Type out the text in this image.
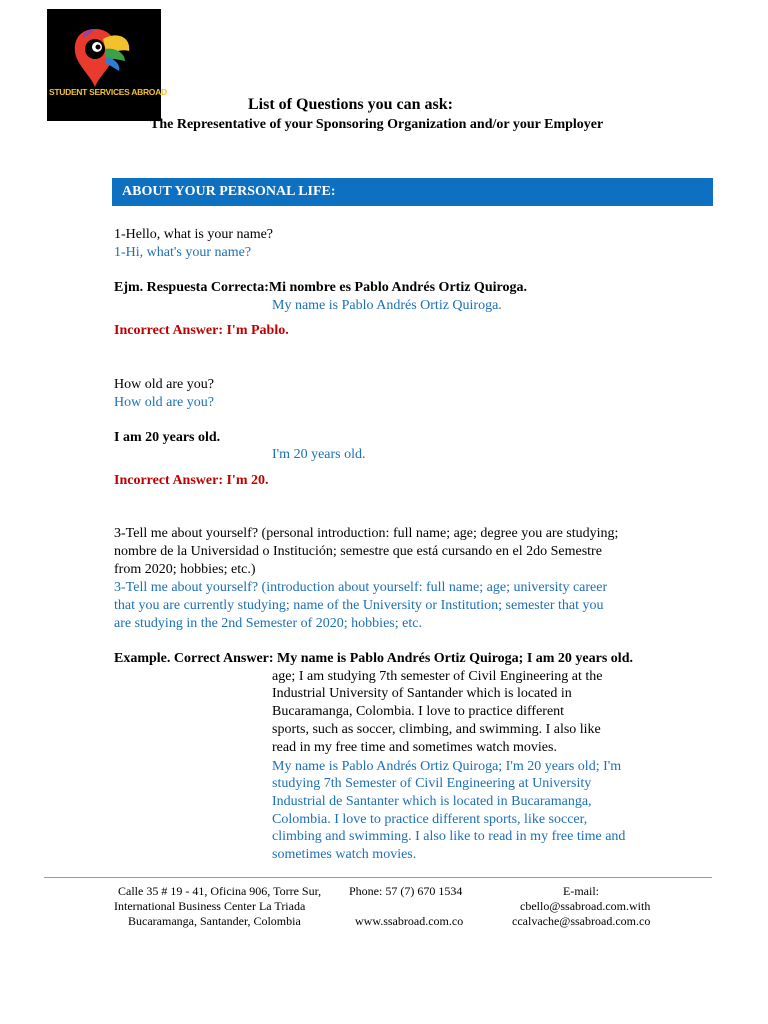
STUDENT SERVICES ABROAD
List of Questions you can ask:
The Representative of your Sponsoring Organization and/or your Employer
ABOUT YOUR PERSONAL LIFE:
1-Hello, what is your name?
1-Hi, what's your name?
Ejm. Respuesta Correcta:Mi nombre es Pablo Andrés Ortiz Quiroga.
My name is Pablo Andrés Ortiz Quiroga.
Incorrect Answer: I'm Pablo.
How old are you?
How old are you?
I am 20 years old.
I'm 20 years old.
Incorrect Answer: I'm 20.
3-Tell me about yourself? (personal introduction: full name; age; degree you are studying;
nombre de la Universidad o Institución; semestre que está cursando en el 2do Semestre
from 2020; hobbies; etc.)
3-Tell me about yourself? (introduction about yourself: full name; age; university career
that you are currently studying; name of the University or Institution; semester that you
are studying in the 2nd Semester of 2020; hobbies; etc.
Example. Correct Answer: My name is Pablo Andrés Ortiz Quiroga; I am 20 years old.
age; I am studying 7th semester of Civil Engineering at the
Industrial University of Santander which is located in
Bucaramanga, Colombia. I love to practice different
sports, such as soccer, climbing, and swimming. I also like
read in my free time and sometimes watch movies.
My name is Pablo Andrés Ortiz Quiroga; I'm 20 years old; I'm
studying 7th Semester of Civil Engineering at University
Industrial de Santanter which is located in Bucaramanga,
Colombia. I love to practice different sports, like soccer,
climbing and swimming. I also like to read in my free time and
sometimes watch movies.
Calle 35 # 19 - 41, Oficina 906, Torre Sur,
International Business Center La Triada
Bucaramanga, Santander, Colombia
Phone: 57 (7) 670 1534
www.ssabroad.com.co
E-mail:
cbello@ssabroad.com.with
ccalvache@ssabroad.com.co
